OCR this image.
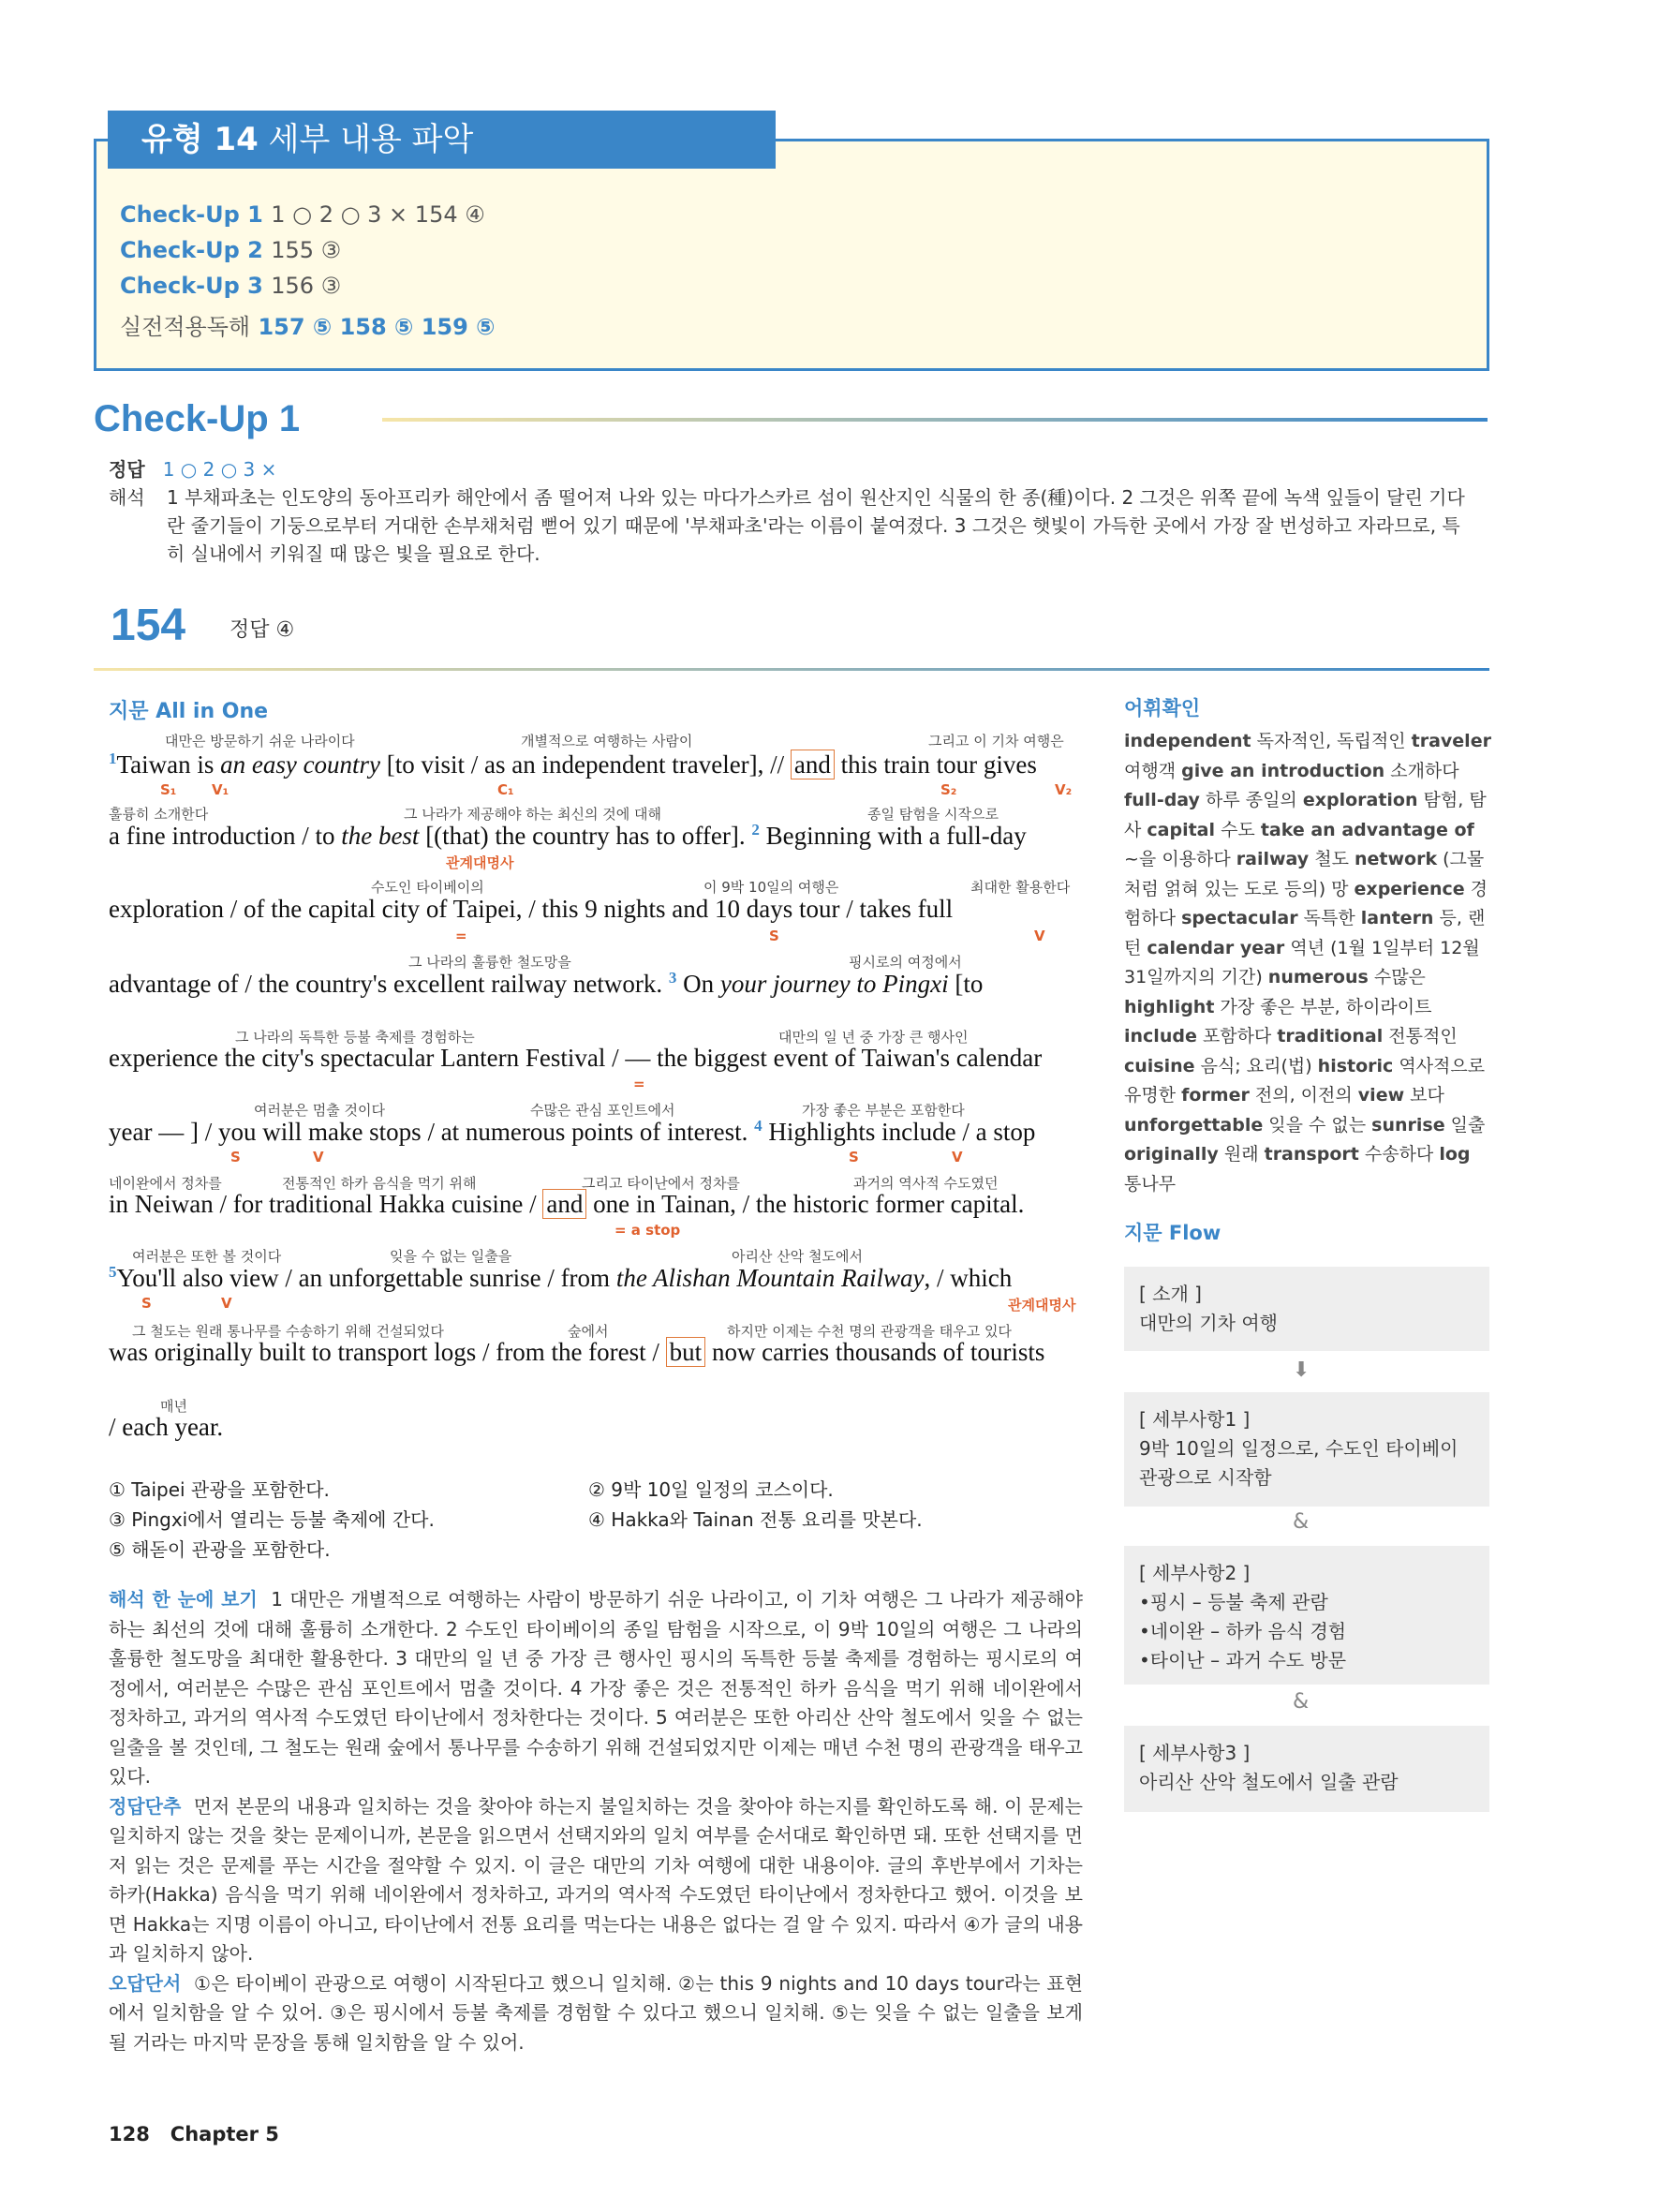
유형 14 세부 내용 파악
Check-Up 1 1 ○ 2 ○ 3 × 154 ④
Check-Up 2 155 ③
Check-Up 3 156 ③
실전적용독해 157 ⑤ 158 ⑤ 159 ⑤
Check-Up 1
정답 1 ○ 2 ○ 3 ×
해석 1 부채파초는 인도양의 동아프리카 해안에서 좀 떨어져 나와 있는 마다가스카르 섬이 원산지인 식물의 한 종(種)이다. 2 그것은 위쪽 끝에 녹색 잎들이 달린 기다란 줄기들이 기둥으로부터 거대한 손부채처럼 뻗어 있기 때문에 '부채파초'라는 이름이 붙여졌다. 3 그것은 햇빛이 가득한 곳에서 가장 잘 번성하고 자라므로, 특히 실내에서 키워질 때 많은 빛을 필요로 한다.
154 정답 ④
지문 All in One
대만은 방문하기 쉬운 나라이다	개별적으로 여행하는 사람이	그리고 이 기차 여행은
$^1$Taiwan is an easy country [to visit / as an independent traveler], // and this train tour gives
S₁	V₁	C₁	S₂	V₂
훌륭히 소개한다	그 나라가 제공해야 하는 최신의 것에 대해	종일 탐험을 시작으로
a fine introduction / to the best [(that) the country has to offer]. $^2$ Beginning with a full-day
관계대명사
수도인 타이베이의	이 9박 10일의 여행은	최대한 활용한다
exploration / of the capital city of Taipei, / this 9 nights and 10 days tour / takes full
=	S	V
그 나라의 훌륭한 철도망을	핑시로의 여정에서
advantage of / the country's excellent railway network. $^3$ On your journey to Pingxi [to
그 나라의 독특한 등불 축제를 경험하는	대만의 일 년 중 가장 큰 행사인
experience the city's spectacular Lantern Festival / — the biggest event of Taiwan's calendar
=
여러분은 멈출 것이다	수많은 관심 포인트에서	가장 좋은 부분은 포함한다
year — ] / you will make stops / at numerous points of interest. $^4$ Highlights include / a stop
S	V	S	V
네이완에서 정차를	전통적인 하카 음식을 먹기 위해	그리고 타이난에서 정차를	과거의 역사적 수도였던
in Neiwan / for traditional Hakka cuisine / and one in Tainan, / the historic former capital.
= a stop
여러분은 또한 볼 것이다	잊을 수 없는 일출을	아리산 산악 철도에서
$^5$You'll also view / an unforgettable sunrise / from the Alishan Mountain Railway, / which
S	V	관계대명사
그 철도는 원래 통나무를 수송하기 위해 건설되었다	숲에서	하지만 이제는 수천 명의 관광객을 태우고 있다
was originally built to transport logs / from the forest / but now carries thousands of tourists
매년
/ each year.
① Taipei 관광을 포함한다.	② 9박 10일 일정의 코스이다.
③ Pingxi에서 열리는 등불 축제에 간다.	④ Hakka와 Tainan 전통 요리를 맛본다.
⑤ 해돋이 관광을 포함한다.
해석 한 눈에 보기 1 대만은 개별적으로 여행하는 사람이 방문하기 쉬운 나라이고, 이 기차 여행은 그 나라가 제공해야 하는 최선의 것에 대해 훌륭히 소개한다. 2 수도인 타이베이의 종일 탐험을 시작으로, 이 9박 10일의 여행은 그 나라의 훌륭한 철도망을 최대한 활용한다. 3 대만의 일 년 중 가장 큰 행사인 핑시의 독특한 등불 축제를 경험하는 핑시로의 여정에서, 여러분은 수많은 관심 포인트에서 멈출 것이다. 4 가장 좋은 것은 전통적인 하카 음식을 먹기 위해 네이완에서 정차하고, 과거의 역사적 수도였던 타이난에서 정차한다는 것이다. 5 여러분은 또한 아리산 산악 철도에서 잊을 수 없는 일출을 볼 것인데, 그 철도는 원래 숲에서 통나무를 수송하기 위해 건설되었지만 이제는 매년 수천 명의 관광객을 태우고 있다.
정답단추 먼저 본문의 내용과 일치하는 것을 찾아야 하는지 불일치하는 것을 찾아야 하는지를 확인하도록 해. 이 문제는 일치하지 않는 것을 찾는 문제이니까, 본문을 읽으면서 선택지와의 일치 여부를 순서대로 확인하면 돼. 또한 선택지를 먼저 읽는 것은 문제를 푸는 시간을 절약할 수 있지. 이 글은 대만의 기차 여행에 대한 내용이야. 글의 후반부에서 기차는 하카(Hakka) 음식을 먹기 위해 네이완에서 정차하고, 과거의 역사적 수도였던 타이난에서 정차한다고 했어. 이것을 보면 Hakka는 지명 이름이 아니고, 타이난에서 전통 요리를 먹는다는 내용은 없다는 걸 알 수 있지. 따라서 ④가 글의 내용과 일치하지 않아.
오답단서 ①은 타이베이 관광으로 여행이 시작된다고 했으니 일치해. ②는 this 9 nights and 10 days tour라는 표현에서 일치함을 알 수 있어. ③은 핑시에서 등불 축제를 경험할 수 있다고 했으니 일치해. ⑤는 잊을 수 없는 일출을 보게 될 거라는 마지막 문장을 통해 일치함을 알 수 있어.
어휘확인
independent 독자적인, 독립적인 traveler 여행객 give an introduction 소개하다 full-day 하루 종일의 exploration 탐험, 탐사 capital 수도 take an advantage of ~을 이용하다 railway 철도 network (그물처럼 얽혀 있는 도로 등의) 망 experience 경험하다 spectacular 독특한 lantern 등, 랜턴 calendar year 역년 (1월 1일부터 12월 31일까지의 기간) numerous 수많은 highlight 가장 좋은 부분, 하이라이트 include 포함하다 traditional 전통적인 cuisine 음식; 요리(법) historic 역사적으로 유명한 former 전의, 이전의 view 보다 unforgettable 잊을 수 없는 sunrise 일출 originally 원래 transport 수송하다 log 통나무
지문 Flow
[ 소개 ]
대만의 기차 여행
⬇
[ 세부사항1 ]
9박 10일의 일정으로, 수도인 타이베이 관광으로 시작함
&
[ 세부사항2 ]
•핑시 – 등불 축제 관람
•네이완 – 하카 음식 경험
•타이난 – 과거 수도 방문
&
[ 세부사항3 ]
아리산 산악 철도에서 일출 관람
128 Chapter 5
